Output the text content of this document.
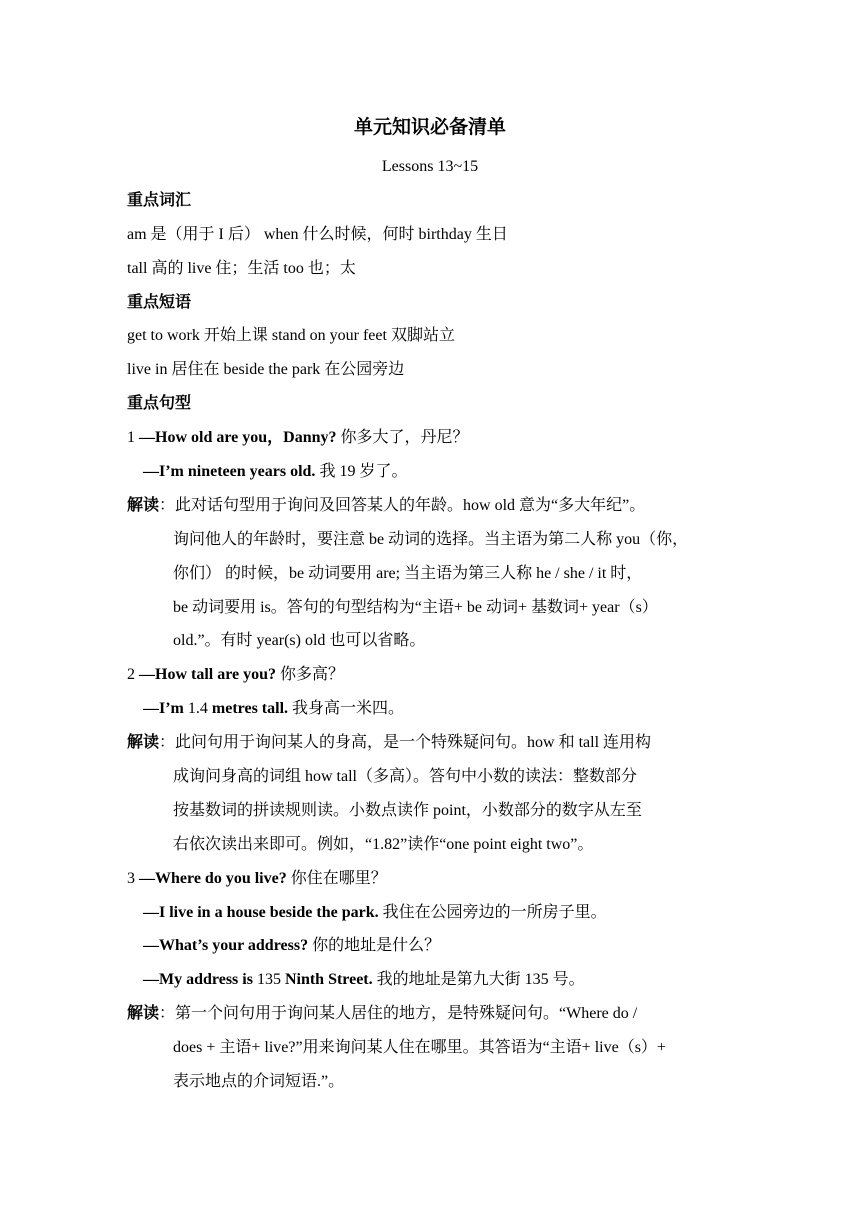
单元知识必备清单
Lessons 13~15
重点词汇
am 是（用于 I 后） when 什么时候，何时 birthday 生日
tall 高的 live 住；生活 too 也；太
重点短语
get to work 开始上课 stand on your feet 双脚站立
live in 居住在 beside the park 在公园旁边
重点句型
1 —How old are you，Danny? 你多大了，丹尼？
—I’m nineteen years old. 我 19 岁了。
解读：此对话句型用于询问及回答某人的年龄。how old 意为“多大年纪”。
询问他人的年龄时，要注意 be 动词的选择。当主语为第二人称 you（你，
你们） 的时候，be 动词要用 are; 当主语为第三人称 he / she / it 时，
be 动词要用 is。答句的句型结构为“主语+ be 动词+ 基数词+ year（s）
old.”。有时 year(s) old 也可以省略。
2 —How tall are you? 你多高？
—I’m 1.4 metres tall. 我身高一米四。
解读：此问句用于询问某人的身高，是一个特殊疑问句。how 和 tall 连用构
成询问身高的词组 how tall（多高）。答句中小数的读法：整数部分
按基数词的拼读规则读。小数点读作 point，小数部分的数字从左至
右依次读出来即可。例如，“1.82”读作“one point eight two”。
3 —Where do you live? 你住在哪里？
—I live in a house beside the park. 我住在公园旁边的一所房子里。
—What’s your address? 你的地址是什么？
—My address is 135 Ninth Street. 我的地址是第九大街 135 号。
解读：第一个问句用于询问某人居住的地方，是特殊疑问句。“Where do /
does + 主语+ live?”用来询问某人住在哪里。其答语为“主语+ live（s）+
表示地点的介词短语.”。
